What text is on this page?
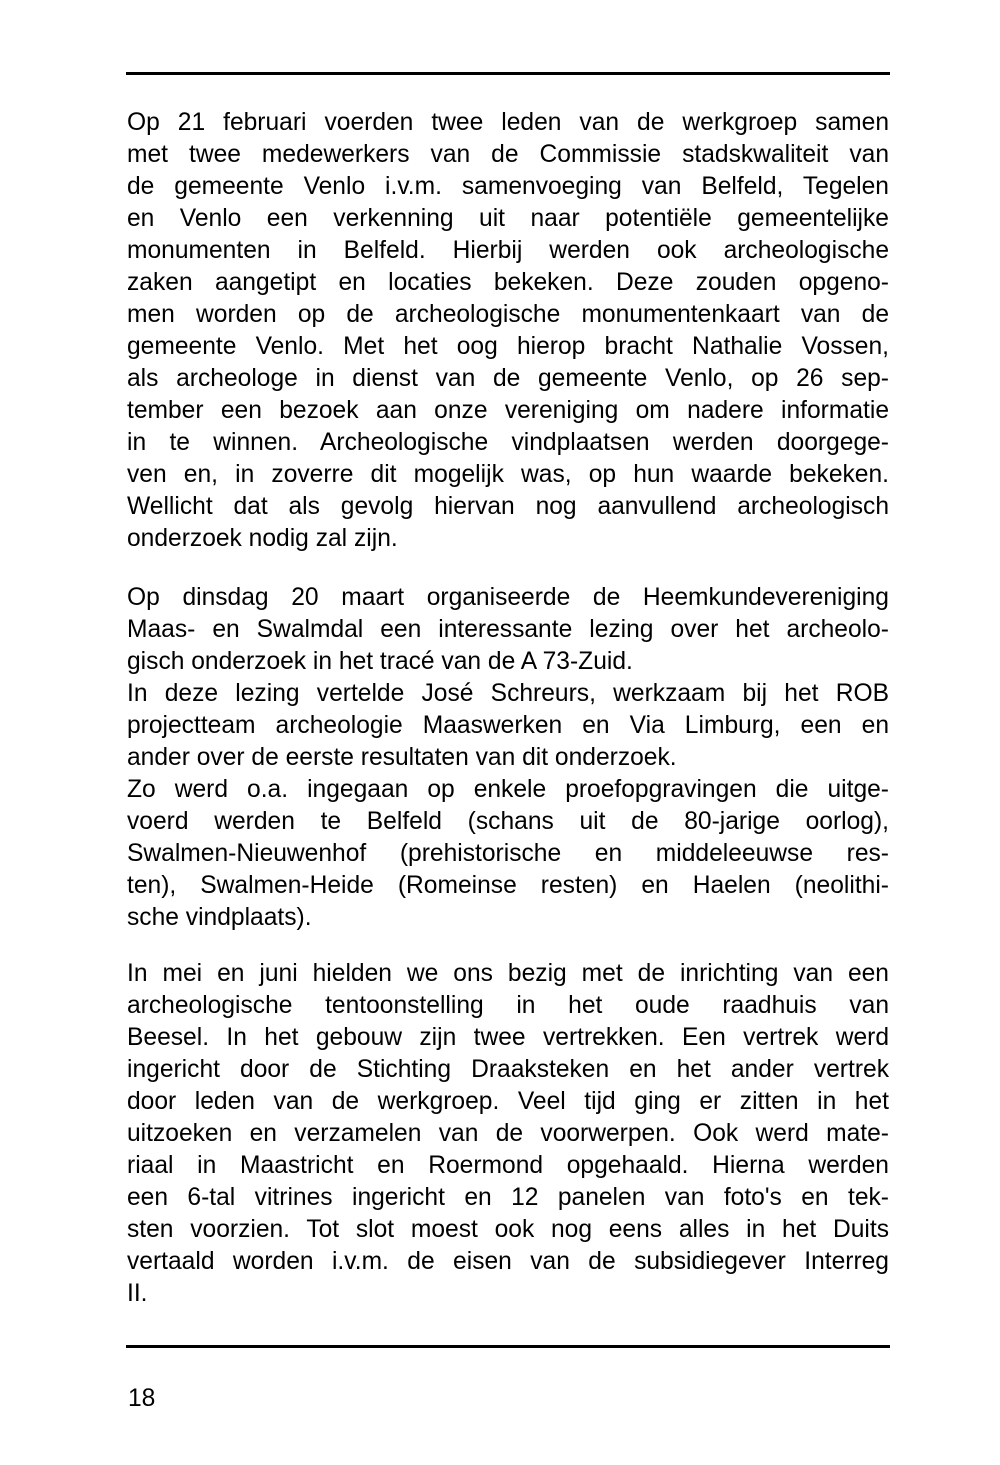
Op 21 februari voerden twee leden van de werkgroep samen
met twee medewerkers van de Commissie stadskwaliteit van
de gemeente Venlo i.v.m. samenvoeging van Belfeld, Tegelen
en Venlo een verkenning uit naar potentiële gemeentelijke
monumenten in Belfeld. Hierbij werden ook archeologische
zaken aangetipt en locaties bekeken. Deze zouden opgeno-
men worden op de archeologische monumentenkaart van de
gemeente Venlo. Met het oog hierop bracht Nathalie Vossen,
als archeologe in dienst van de gemeente Venlo, op 26 sep-
tember een bezoek aan onze vereniging om nadere informatie
in te winnen. Archeologische vindplaatsen werden doorgege-
ven en, in zoverre dit mogelijk was, op hun waarde bekeken.
Wellicht dat als gevolg hiervan nog aanvullend archeologisch
onderzoek nodig zal zijn.
Op dinsdag 20 maart organiseerde de Heemkundevereniging
Maas- en Swalmdal een interessante lezing over het archeolo-
gisch onderzoek in het tracé van de A 73-Zuid.
In deze lezing vertelde José Schreurs, werkzaam bij het ROB
projectteam archeologie Maaswerken en Via Limburg, een en
ander over de eerste resultaten van dit onderzoek.
Zo werd o.a. ingegaan op enkele proefopgravingen die uitge-
voerd werden te Belfeld (schans uit de 80-jarige oorlog),
Swalmen-Nieuwenhof (prehistorische en middeleeuwse res-
ten), Swalmen-Heide (Romeinse resten) en Haelen (neolithi-
sche vindplaats).
In mei en juni hielden we ons bezig met de inrichting van een
archeologische tentoonstelling in het oude raadhuis van
Beesel. In het gebouw zijn twee vertrekken. Een vertrek werd
ingericht door de Stichting Draaksteken en het ander vertrek
door leden van de werkgroep. Veel tijd ging er zitten in het
uitzoeken en verzamelen van de voorwerpen. Ook werd mate-
riaal in Maastricht en Roermond opgehaald. Hierna werden
een 6-tal vitrines ingericht en 12 panelen van foto's en tek-
sten voorzien. Tot slot moest ook nog eens alles in het Duits
vertaald worden i.v.m. de eisen van de subsidiegever Interreg
II.
18
